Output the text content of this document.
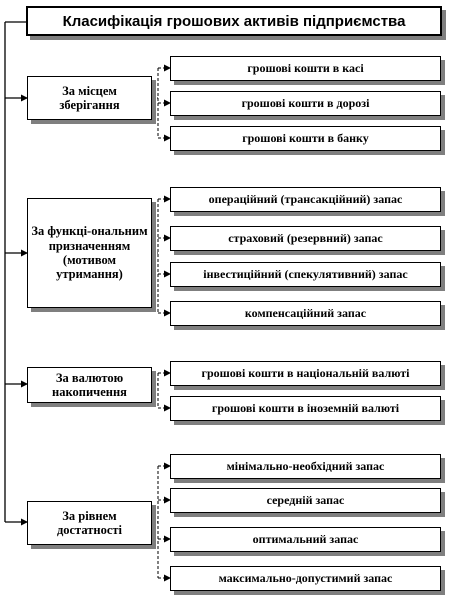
Класифікація грошових активів підприємства
За місцем зберігання
грошові кошти в касі
грошові кошти в дорозі
грошові кошти в банку
За функці-ональним призначенням (мотивом утримання)
операційний (трансакційний) запас
страховий (резервний) запас
інвестиційний (спекулятивний) запас
компенсаційний запас
За валютою накопичення
грошові кошти в національній валюті
грошові кошти в іноземній валюті
За рівнем достатності
мінімально-необхідний запас
середній запас
оптимальний запас
максимально-допустимий запас
